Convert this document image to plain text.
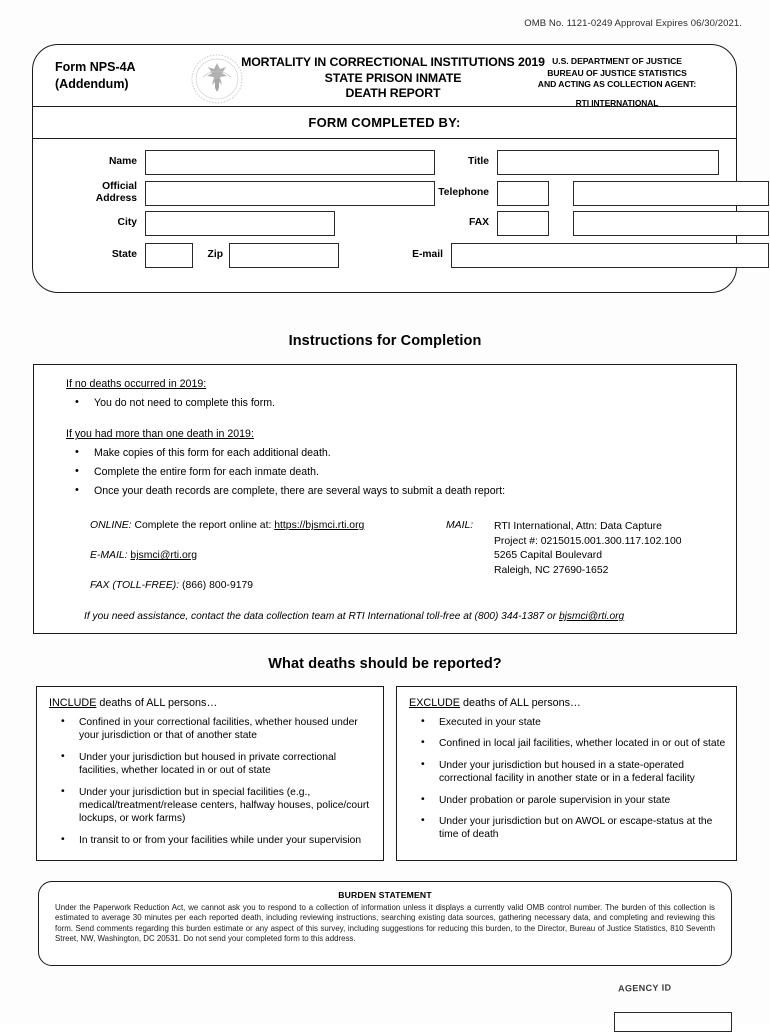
OMB No. 1121-0249 Approval Expires 06/30/2021.
Form NPS-4A
(Addendum)
MORTALITY IN CORRECTIONAL INSTITUTIONS 2019
STATE PRISON INMATE
DEATH REPORT
U.S. DEPARTMENT OF JUSTICE
BUREAU OF JUSTICE STATISTICS
AND ACTING AS COLLECTION AGENT:
RTI INTERNATIONAL
FORM COMPLETED BY:
Name	Title
Official
Address
Telephone
City	FAX
State	Zip	E-mail
Instructions for Completion
If no deaths occurred in 2019:
• You do not need to complete this form.
If you had more than one death in 2019:
• Make copies of this form for each additional death.
• Complete the entire form for each inmate death.
• Once your death records are complete, there are several ways to submit a death report:
ONLINE: Complete the report online at: https://bjsmci.rti.org
E-MAIL: bjsmci@rti.org
FAX (TOLL-FREE): (866) 800-9179
MAIL: RTI International, Attn: Data Capture
Project #: 0215015.001.300.117.102.100
5265 Capital Boulevard
Raleigh, NC 27690-1652
If you need assistance, contact the data collection team at RTI International toll-free at (800) 344-1387 or bjsmci@rti.org
What deaths should be reported?
INCLUDE deaths of ALL persons…
• Confined in your correctional facilities, whether housed under your jurisdiction or that of another state
• Under your jurisdiction but housed in private correctional facilities, whether located in or out of state
• Under your jurisdiction but in special facilities (e.g., medical/treatment/release centers, halfway houses, police/court lockups, or work farms)
• In transit to or from your facilities while under your supervision
EXCLUDE deaths of ALL persons…
• Executed in your state
• Confined in local jail facilities, whether located in or out of state
• Under your jurisdiction but housed in a state-operated correctional facility in another state or in a federal facility
• Under probation or parole supervision in your state
• Under your jurisdiction but on AWOL or escape-status at the time of death
BURDEN STATEMENT
Under the Paperwork Reduction Act, we cannot ask you to respond to a collection of information unless it displays a currently valid OMB control number. The burden of this collection is estimated to average 30 minutes per each reported death, including reviewing instructions, searching existing data sources, gathering necessary data, and completing and reviewing this form. Send comments regarding this burden estimate or any aspect of this survey, including suggestions for reducing this burden, to the Director, Bureau of Justice Statistics, 810 Seventh Street, NW, Washington, DC 20531. Do not send your completed form to this address.
AGENCY ID
